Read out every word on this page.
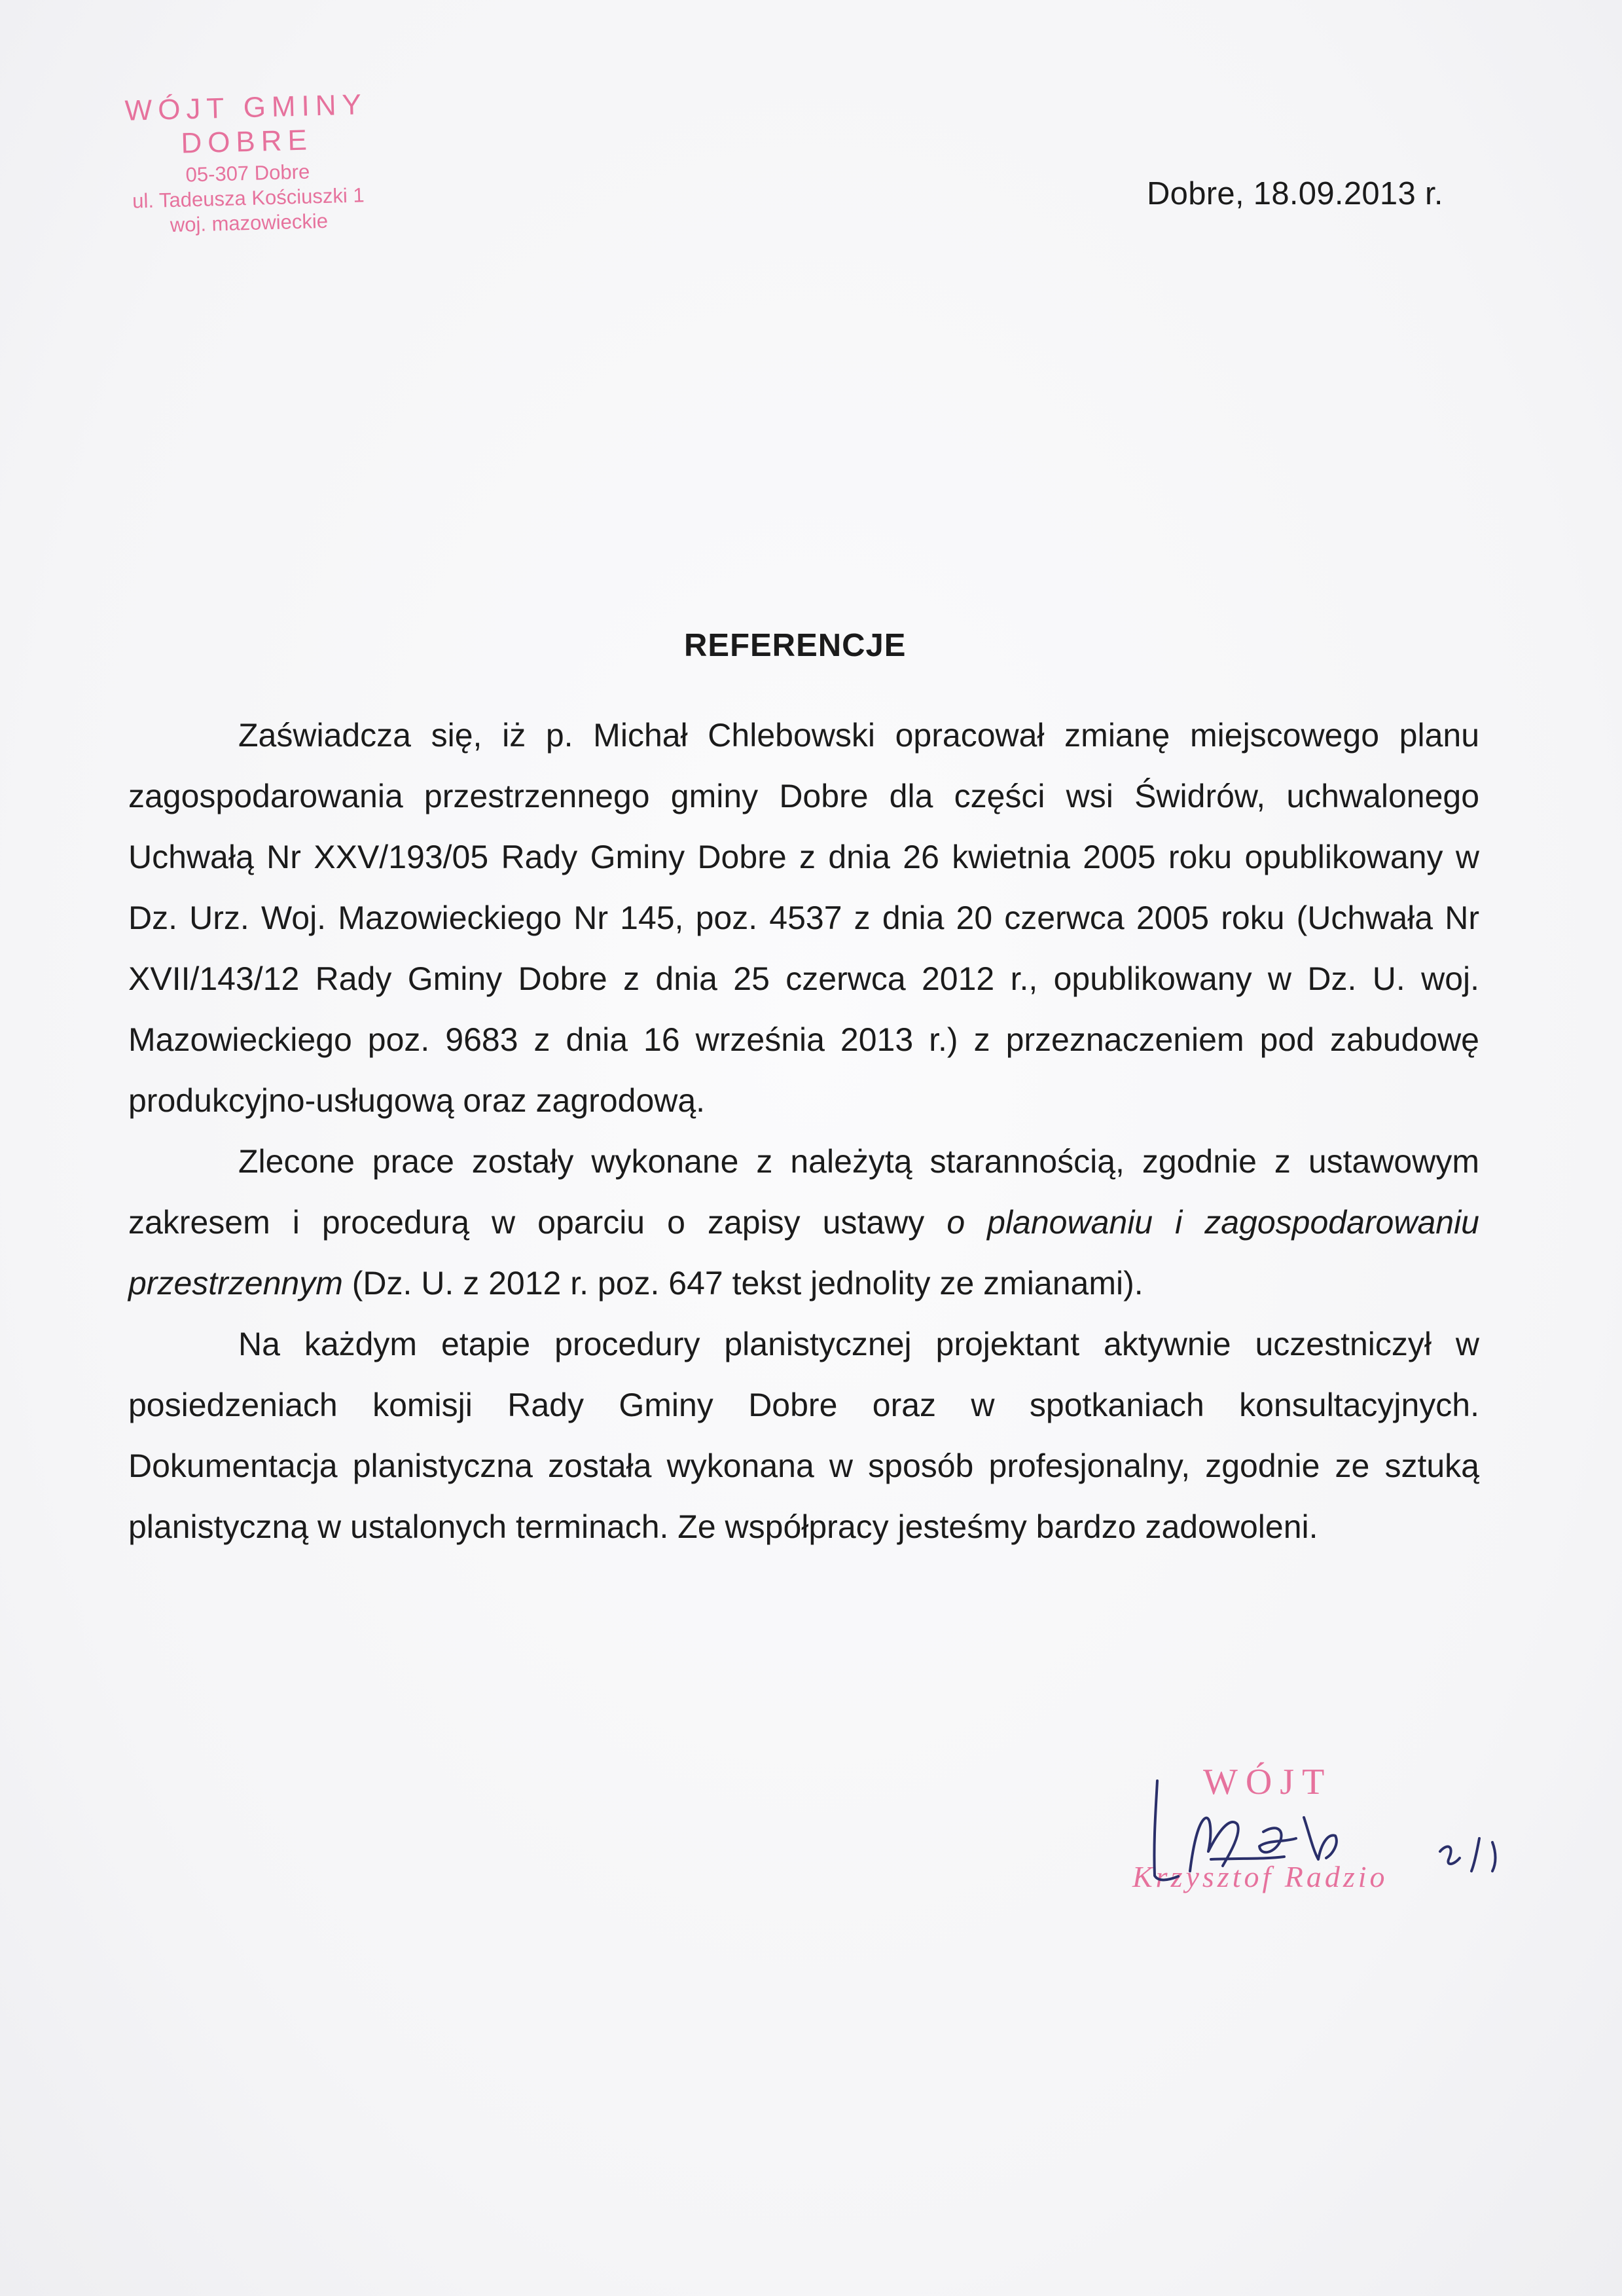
WÓJT GMINY
DOBRE
05-307 Dobre
ul. Tadeusza Kościuszki 1
woj. mazowieckie
Dobre, 18.09.2013 r.
REFERENCJE

Zaświadcza się, iż p. Michał Chlebowski opracował zmianę miejscowego planu zagospodarowania przestrzennego gminy Dobre dla części wsi Świdrów, uchwalonego Uchwałą Nr XXV/193/05 Rady Gminy Dobre z dnia 26 kwietnia 2005 roku opublikowany w Dz. Urz. Woj. Mazowieckiego Nr 145, poz. 4537 z dnia 20 czerwca 2005 roku (Uchwała Nr XVII/143/12 Rady Gminy Dobre z dnia 25 czerwca 2012 r., opublikowany w Dz. U. woj. Mazowieckiego poz. 9683 z dnia 16 września 2013 r.) z przeznaczeniem pod zabudowę produkcyjno-usługową oraz zagrodową.

Zlecone prace zostały wykonane z należytą starannością, zgodnie z ustawowym zakresem i procedurą w oparciu o zapisy ustawy o planowaniu i zagospodarowaniu przestrzennym (Dz. U. z 2012 r. poz. 647 tekst jednolity ze zmianami).

Na każdym etapie procedury planistycznej projektant aktywnie uczestniczył w posiedzeniach komisji Rady Gminy Dobre oraz w spotkaniach konsultacyjnych. Dokumentacja planistyczna została wykonana w sposób profesjonalny, zgodnie ze sztuką planistyczną w ustalonych terminach. Ze współpracy jesteśmy bardzo zadowoleni.

WÓJT
Krzysztof Radzio
